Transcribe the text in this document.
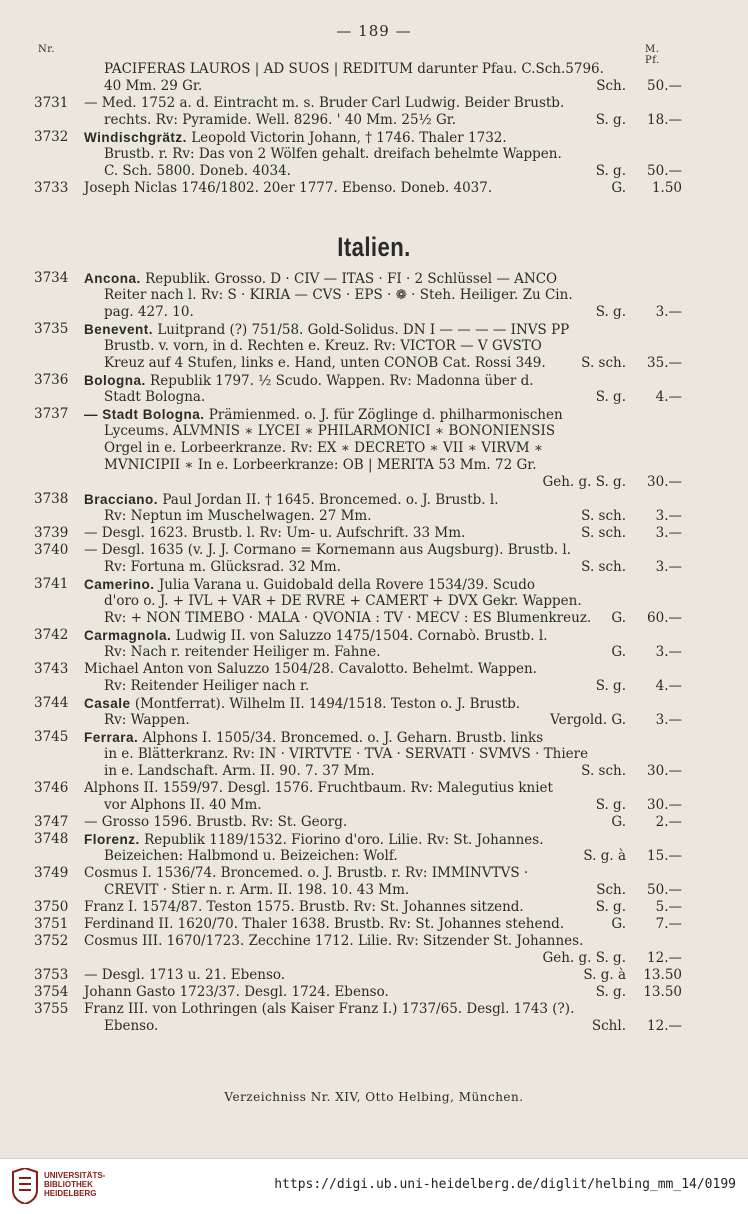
— 189 —
Nr.	M. Pf.
PACIFERAS LAUROS | AD SUOS | REDITUM darunter Pfau. C.Sch.5796.
40 Mm. 29 Gr.	Sch. 50.—
3731 — Med. 1752 a. d. Eintracht m. s. Bruder Carl Ludwig. Beider Brustb.
rechts. Rv: Pyramide. Well. 8296. ' 40 Mm. 25½ Gr.	S. g. 18.—
3732 Windischgrätz. Leopold Victorin Johann, † 1746. Thaler 1732.
Brustb. r. Rv: Das von 2 Wölfen gehalt. dreifach behelmte Wappen.
C. Sch. 5800. Doneb. 4034.	S. g. 50.—
3733 Joseph Niclas 1746/1802. 20er 1777. Ebenso. Doneb. 4037.	G. 1.50
Italien.
3734 Ancona. Republik. Grosso. D · CIV — ITAS · FI · 2 Schlüssel — ANCO
Reiter nach l. Rv: S · KIRIA — CVS · EPS · ❁ · Steh. Heiliger. Zu Cin.
pag. 427. 10.	S. g. 3.—
3735 Benevent. Luitprand (?) 751/58. Gold-Solidus. DN I — — — — INVS PP
Brustb. v. vorn, in d. Rechten e. Kreuz. Rv: VICTOR — V GVSTO
Kreuz auf 4 Stufen, links e. Hand, unten CONOB Cat. Rossi 349.	S. sch. 35.—
3736 Bologna. Republik 1797. ½ Scudo. Wappen. Rv: Madonna über d.
Stadt Bologna.	S. g. 4.—
3737 — Stadt Bologna. Prämienmed. o. J. für Zöglinge d. philharmonischen
Lyceums. ALVMNIS ∗ LYCEI ∗ PHILARMONICI ∗ BONONIENSIS
Orgel in e. Lorbeerkranze. Rv: EX ∗ DECRETO ∗ VII ∗ VIRVM ∗
MVNICIPII ∗ In e. Lorbeerkranze: OB | MERITA 53 Mm. 72 Gr.
Geh. g. S. g. 30.—
3738 Bracciano. Paul Jordan II. † 1645. Broncemed. o. J. Brustb. l.
Rv: Neptun im Muschelwagen. 27 Mm.	S. sch. 3.—
3739 — Desgl. 1623. Brustb. l. Rv: Um- u. Aufschrift. 33 Mm.	S. sch. 3.—
3740 — Desgl. 1635 (v. J. J. Cormano = Kornemann aus Augsburg). Brustb. l.
Rv: Fortuna m. Glücksrad. 32 Mm.	S. sch. 3.—
3741 Camerino. Julia Varana u. Guidobald della Rovere 1534/39. Scudo
d'oro o. J. + IVL + VAR + DE RVRE + CAMERT + DVX Gekr. Wappen.
Rv: + NON TIMEBO · MALA · QVONIA : TV · MECV : ES Blumenkreuz. G. 60.—
3742 Carmagnola. Ludwig II. von Saluzzo 1475/1504. Cornabò. Brustb. l.
Rv: Nach r. reitender Heiliger m. Fahne.	G. 3.—
3743 Michael Anton von Saluzzo 1504/28. Cavalotto. Behelmt. Wappen.
Rv: Reitender Heiliger nach r.	S. g. 4.—
3744 Casale (Montferrat). Wilhelm II. 1494/1518. Teston o. J. Brustb.
Rv: Wappen.	Vergold. G. 3.—
3745 Ferrara. Alphons I. 1505/34. Broncemed. o. J. Geharn. Brustb. links
in e. Blätterkranz. Rv: IN · VIRTVTE · TVA · SERVATI · SVMVS · Thiere
in e. Landschaft. Arm. II. 90. 7. 37 Mm.	S. sch. 30.—
3746 Alphons II. 1559/97. Desgl. 1576. Fruchtbaum. Rv: Malegutius kniet
vor Alphons II. 40 Mm.	S. g. 30.—
3747 — Grosso 1596. Brustb. Rv: St. Georg.	G. 2.—
3748 Florenz. Republik 1189/1532. Fiorino d'oro. Lilie. Rv: St. Johannes.
Beizeichen: Halbmond u. Beizeichen: Wolf.	S. g. à 15.—
3749 Cosmus I. 1536/74. Broncemed. o. J. Brustb. r. Rv: IMMINVTVS ·
CREVIT · Stier n. r. Arm. II. 198. 10. 43 Mm.	Sch. 50.—
3750 Franz I. 1574/87. Teston 1575. Brustb. Rv: St. Johannes sitzend.	S. g. 5.—
3751 Ferdinand II. 1620/70. Thaler 1638. Brustb. Rv: St. Johannes stehend.	G. 7.—
3752 Cosmus III. 1670/1723. Zecchine 1712. Lilie. Rv: Sitzender St. Johannes.
Geh. g. S. g. 12.—
3753 — Desgl. 1713 u. 21. Ebenso.	S. g. à 13.50
3754 Johann Gasto 1723/37. Desgl. 1724. Ebenso.	S. g. 13.50
3755 Franz III. von Lothringen (als Kaiser Franz I.) 1737/65. Desgl. 1743 (?).
Ebenso.	Schl. 12.—
Verzeichniss Nr. XIV, Otto Helbing, München.
UNIVERSITÄTS-
BIBLIOTHEK
HEIDELBERG
https://digi.ub.uni-heidelberg.de/diglit/helbing_mm_14/0199
